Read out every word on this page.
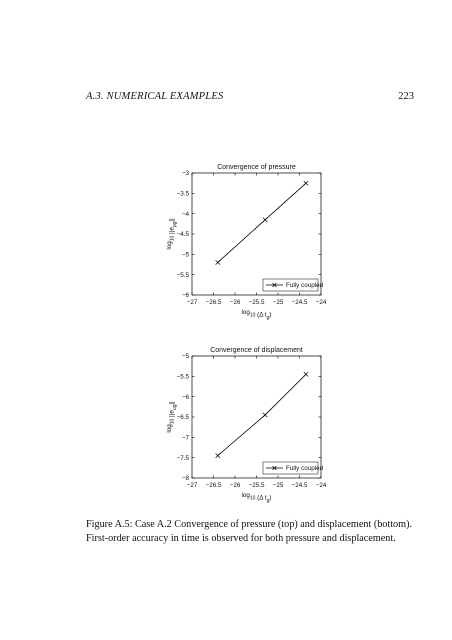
A.3. NUMERICAL EXAMPLES	223
Convergence of pressure
−27 −26.5 −26 −25.5 −25 −24.5 −24
−3
−3.5
−4
−4.5
−5
−5.5
−6
$\log_{10} (\Delta$ $t_g$)
$\log_{10} ||e_{pg}||$
Fully coupled
Convergence of displacement
−27 −26.5 −26 −25.5 −25 −24.5 −24
−5
−5.5
−6
−6.5
−7
−7.5
−8
$\log_{10} (\Delta$ $t_g$)
$\log_{10} ||e_{ug}||$
Fully coupled
Figure A.5: Case A.2 Convergence of pressure (top) and displacement (bottom). First-order accuracy in time is observed for both pressure and displacement.
